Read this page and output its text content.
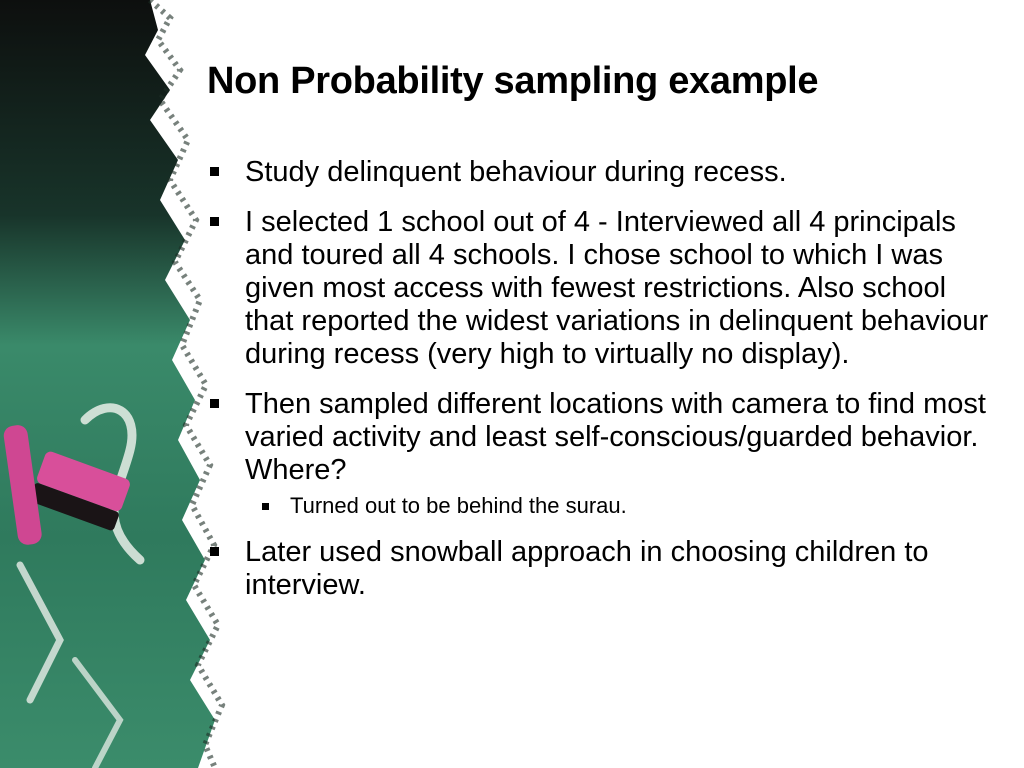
Non Probability sampling example
Study delinquent behaviour during recess.
I selected 1 school out of 4 - Interviewed all 4 principals and toured all 4 schools. I chose school to which I was given most access with fewest restrictions. Also school that reported the widest variations in delinquent behaviour during recess (very high to virtually no display).
Then sampled different locations with camera to find most varied activity and least self-conscious/guarded behavior. Where?
Turned out to be behind the surau.
Later used snowball approach in choosing children to interview.
